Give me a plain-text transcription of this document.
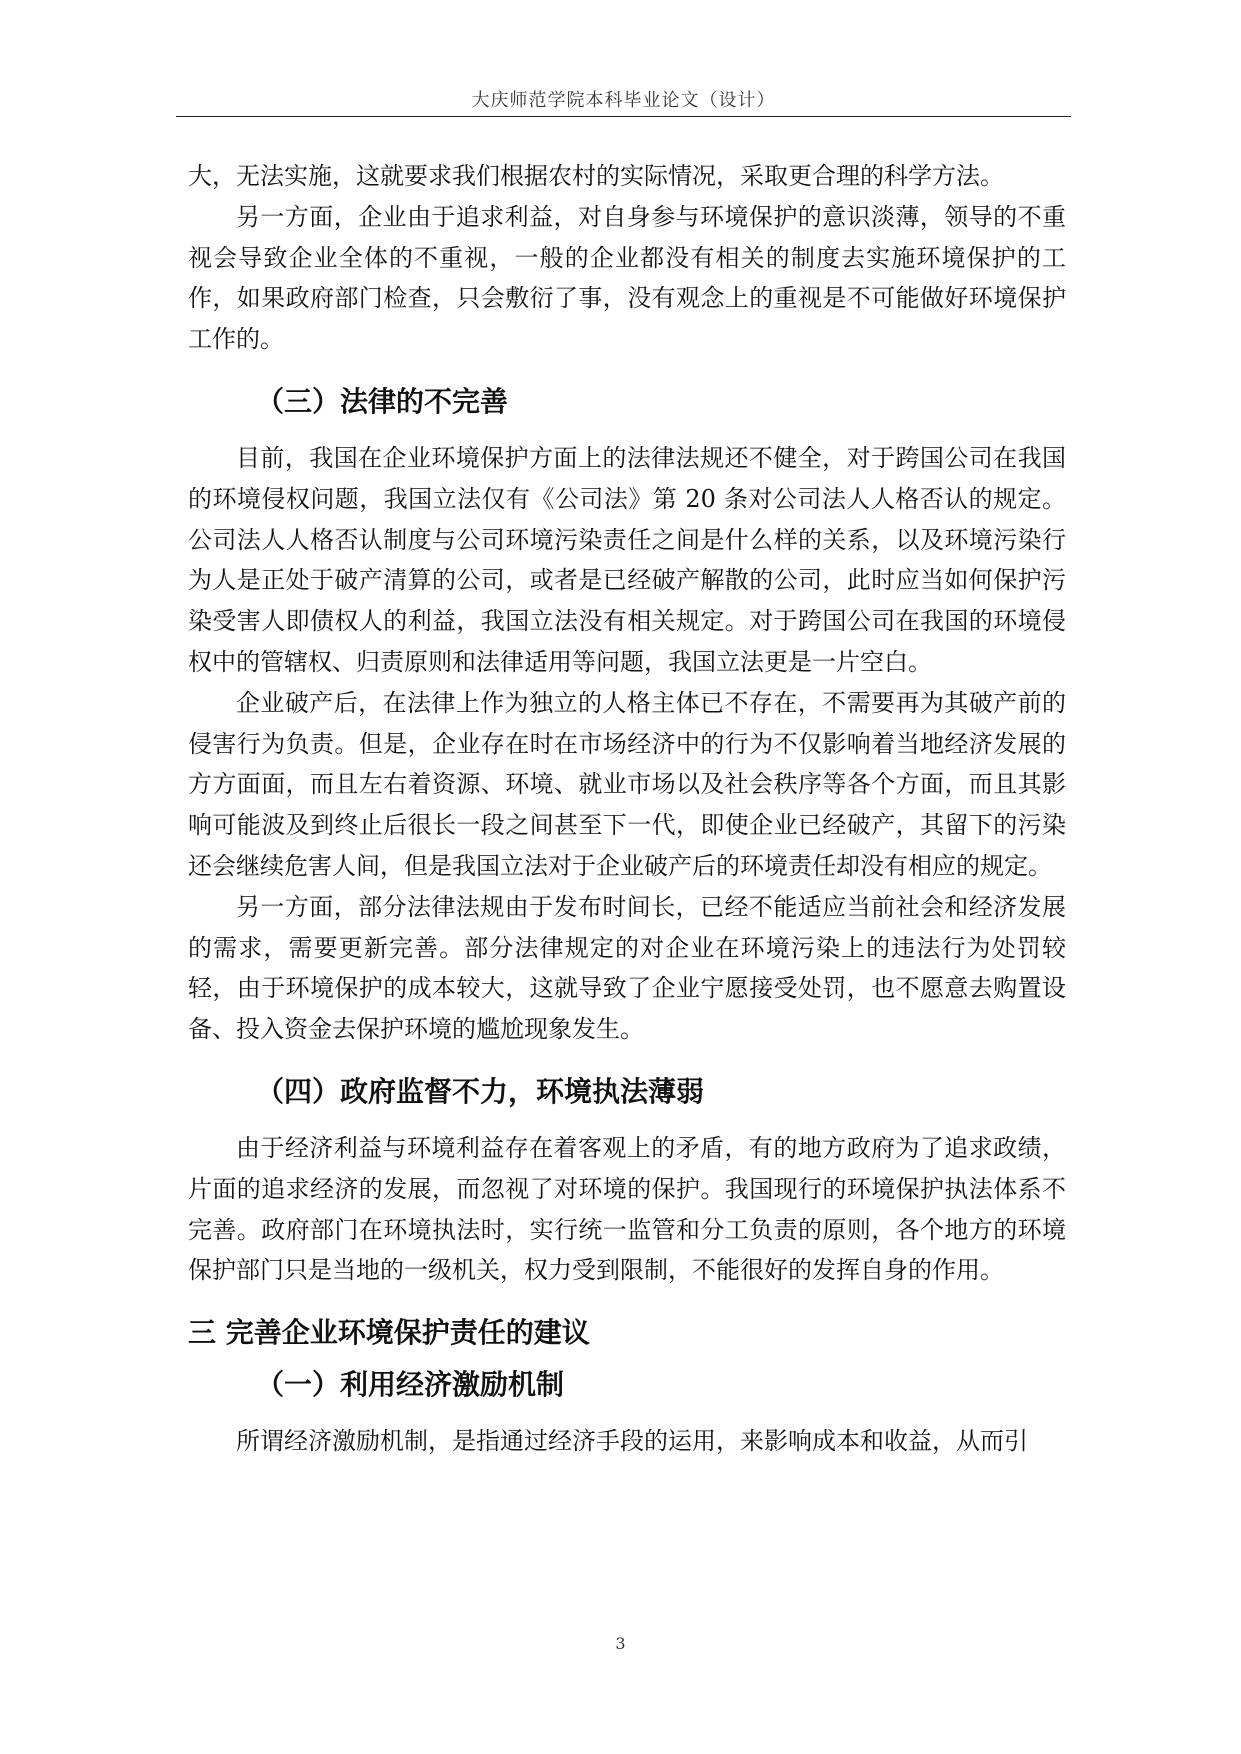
大庆师范学院本科毕业论文（设计）

大，无法实施，这就要求我们根据农村的实际情况，采取更合理的科学方法。

另一方面，企业由于追求利益，对自身参与环境保护的意识淡薄，领导的不重视会导致企业全体的不重视，一般的企业都没有相关的制度去实施环境保护的工作，如果政府部门检查，只会敷衍了事，没有观念上的重视是不可能做好环境保护工作的。

（三）法律的不完善

目前，我国在企业环境保护方面上的法律法规还不健全，对于跨国公司在我国的环境侵权问题，我国立法仅有《公司法》第 20 条对公司法人人格否认的规定。公司法人人格否认制度与公司环境污染责任之间是什么样的关系，以及环境污染行为人是正处于破产清算的公司，或者是已经破产解散的公司，此时应当如何保护污染受害人即债权人的利益，我国立法没有相关规定。对于跨国公司在我国的环境侵权中的管辖权、归责原则和法律适用等问题，我国立法更是一片空白。

企业破产后，在法律上作为独立的人格主体已不存在，不需要再为其破产前的侵害行为负责。但是，企业存在时在市场经济中的行为不仅影响着当地经济发展的方方面面，而且左右着资源、环境、就业市场以及社会秩序等各个方面，而且其影响可能波及到终止后很长一段之间甚至下一代，即使企业已经破产，其留下的污染还会继续危害人间，但是我国立法对于企业破产后的环境责任却没有相应的规定。

另一方面，部分法律法规由于发布时间长，已经不能适应当前社会和经济发展的需求，需要更新完善。部分法律规定的对企业在环境污染上的违法行为处罚较轻，由于环境保护的成本较大，这就导致了企业宁愿接受处罚，也不愿意去购置设备、投入资金去保护环境的尴尬现象发生。

（四）政府监督不力，环境执法薄弱

由于经济利益与环境利益存在着客观上的矛盾，有的地方政府为了追求政绩，片面的追求经济的发展，而忽视了对环境的保护。我国现行的环境保护执法体系不完善。政府部门在环境执法时，实行统一监管和分工负责的原则，各个地方的环境保护部门只是当地的一级机关，权力受到限制，不能很好的发挥自身的作用。

三 完善企业环境保护责任的建议
（一）利用经济激励机制

所谓经济激励机制，是指通过经济手段的运用，来影响成本和收益，从而引

3
